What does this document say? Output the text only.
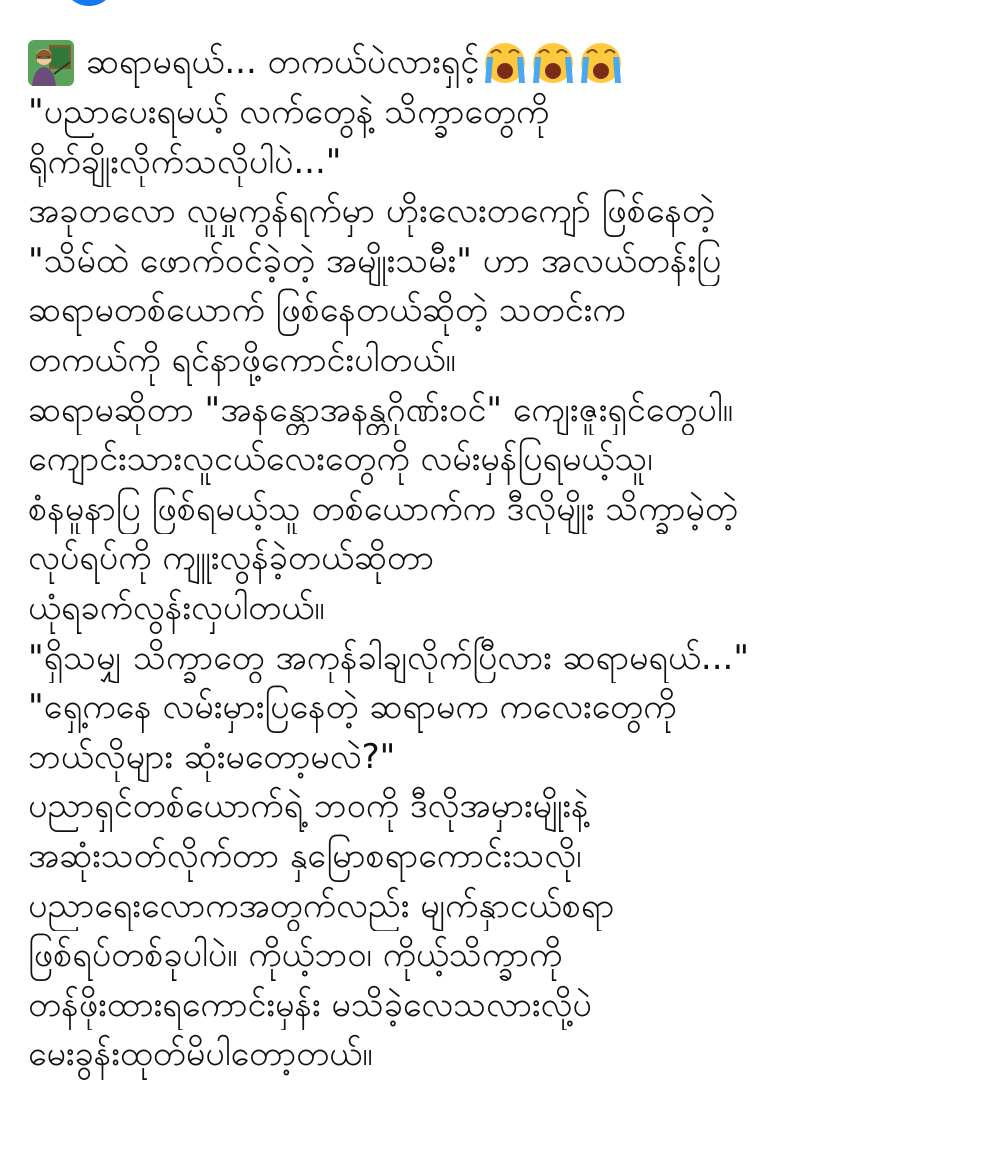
ဆရာမရယ်... တကယ်ပဲလားရှင့်
"ပညာပေးရမယ့် လက်တွေနဲ့ သိက္ခာတွေကို
ရိုက်ချိုးလိုက်သလိုပါပဲ..."
အခုတလော လူမှုကွန်ရက်မှာ ဟိုးလေးတကျော် ဖြစ်နေတဲ့
"သိမ်ထဲ ဖောက်ဝင်ခဲ့တဲ့ အမျိုးသမီး" ဟာ အလယ်တန်းပြ
ဆရာမတစ်ယောက် ဖြစ်နေတယ်ဆိုတဲ့ သတင်းက
တကယ်ကို ရင်နာဖို့ကောင်းပါတယ်။
ဆရာမဆိုတာ "အနန္တောအနန္တဂိုဏ်းဝင်" ကျေးဇူးရှင်တွေပါ။
ကျောင်းသားလူငယ်လေးတွေကို လမ်းမှန်ပြရမယ့်သူ၊
စံနမူနာပြ ဖြစ်ရမယ့်သူ တစ်ယောက်က ဒီလိုမျိုး သိက္ခာမဲ့တဲ့
လုပ်ရပ်ကို ကျူးလွန်ခဲ့တယ်ဆိုတာ
ယုံရခက်လွန်းလှပါတယ်။
"ရှိသမျှ သိက္ခာတွေ အကုန်ခါချလိုက်ပြီလား ဆရာမရယ်..."
"ရှေ့ကနေ လမ်းမှားပြနေတဲ့ ဆရာမက ကလေးတွေကို
ဘယ်လိုများ ဆုံးမတော့မလဲ?"
ပညာရှင်တစ်ယောက်ရဲ့ ဘဝကို ဒီလိုအမှားမျိုးနဲ့
အဆုံးသတ်လိုက်တာ နှမြောစရာကောင်းသလို၊
ပညာရေးလောကအတွက်လည်း မျက်နှာငယ်စရာ
ဖြစ်ရပ်တစ်ခုပါပဲ။ ကိုယ့်ဘဝ၊ ကိုယ့်သိက္ခာကို
တန်ဖိုးထားရကောင်းမှန်း မသိခဲ့လေသလားလို့ပဲ
မေးခွန်းထုတ်မိပါတော့တယ်။
